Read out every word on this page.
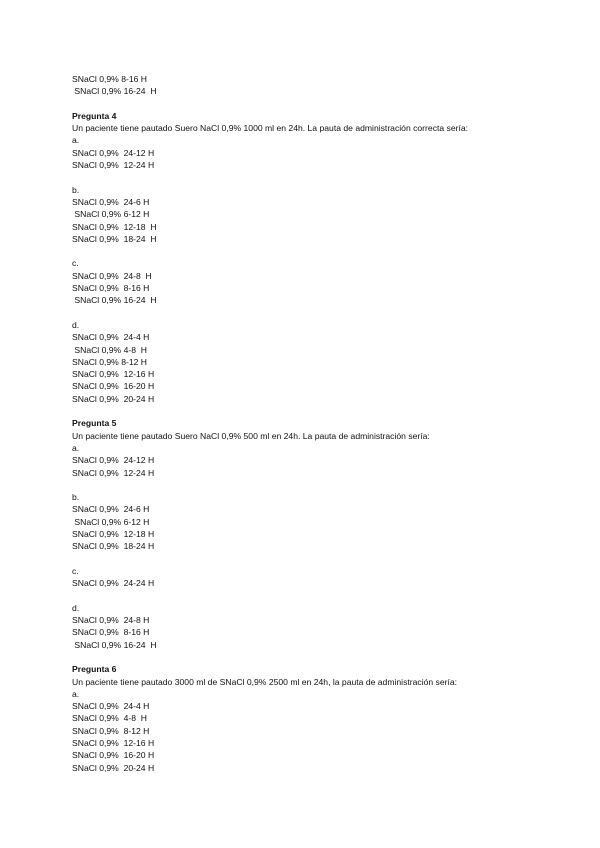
SNaCl 0,9% 8-16 H
SNaCl 0,9% 16-24  H
Pregunta 4
Un paciente tiene pautado Suero NaCl 0,9% 1000 ml en 24h. La pauta de administración correcta sería:
a.
SNaCl 0,9%  24-12 H
SNaCl 0,9%  12-24 H
b.
SNaCl 0,9%  24-6 H
SNaCl 0,9% 6-12 H
SNaCl 0,9%  12-18  H
SNaCl 0,9%  18-24  H
c.
SNaCl 0,9%  24-8  H
SNaCl 0,9%  8-16 H
SNaCl 0,9% 16-24  H
d.
SNaCl 0,9%  24-4 H
SNaCl 0,9% 4-8  H
SNaCl 0,9% 8-12 H
SNaCl 0,9%  12-16 H
SNaCl 0,9%  16-20 H
SNaCl 0,9%  20-24 H
Pregunta 5
Un paciente tiene pautado Suero NaCl 0,9% 500 ml en 24h. La pauta de administración sería:
a.
SNaCl 0,9%  24-12 H
SNaCl 0,9%  12-24 H
b.
SNaCl 0,9%  24-6 H
SNaCl 0,9% 6-12 H
SNaCl 0,9%  12-18 H
SNaCl 0,9%  18-24 H
c.
SNaCl 0,9%  24-24 H
d.
SNaCl 0,9%  24-8 H
SNaCl 0,9%  8-16 H
SNaCl 0,9% 16-24  H
Pregunta 6
Un paciente tiene pautado 3000 ml de SNaCl 0,9% 2500 ml en 24h, la pauta de administración sería:
a.
SNaCl 0,9%  24-4 H
SNaCl 0,9%  4-8  H
SNaCl 0,9%  8-12 H
SNaCl 0,9%  12-16 H
SNaCl 0,9%  16-20 H
SNaCl 0,9%  20-24 H
